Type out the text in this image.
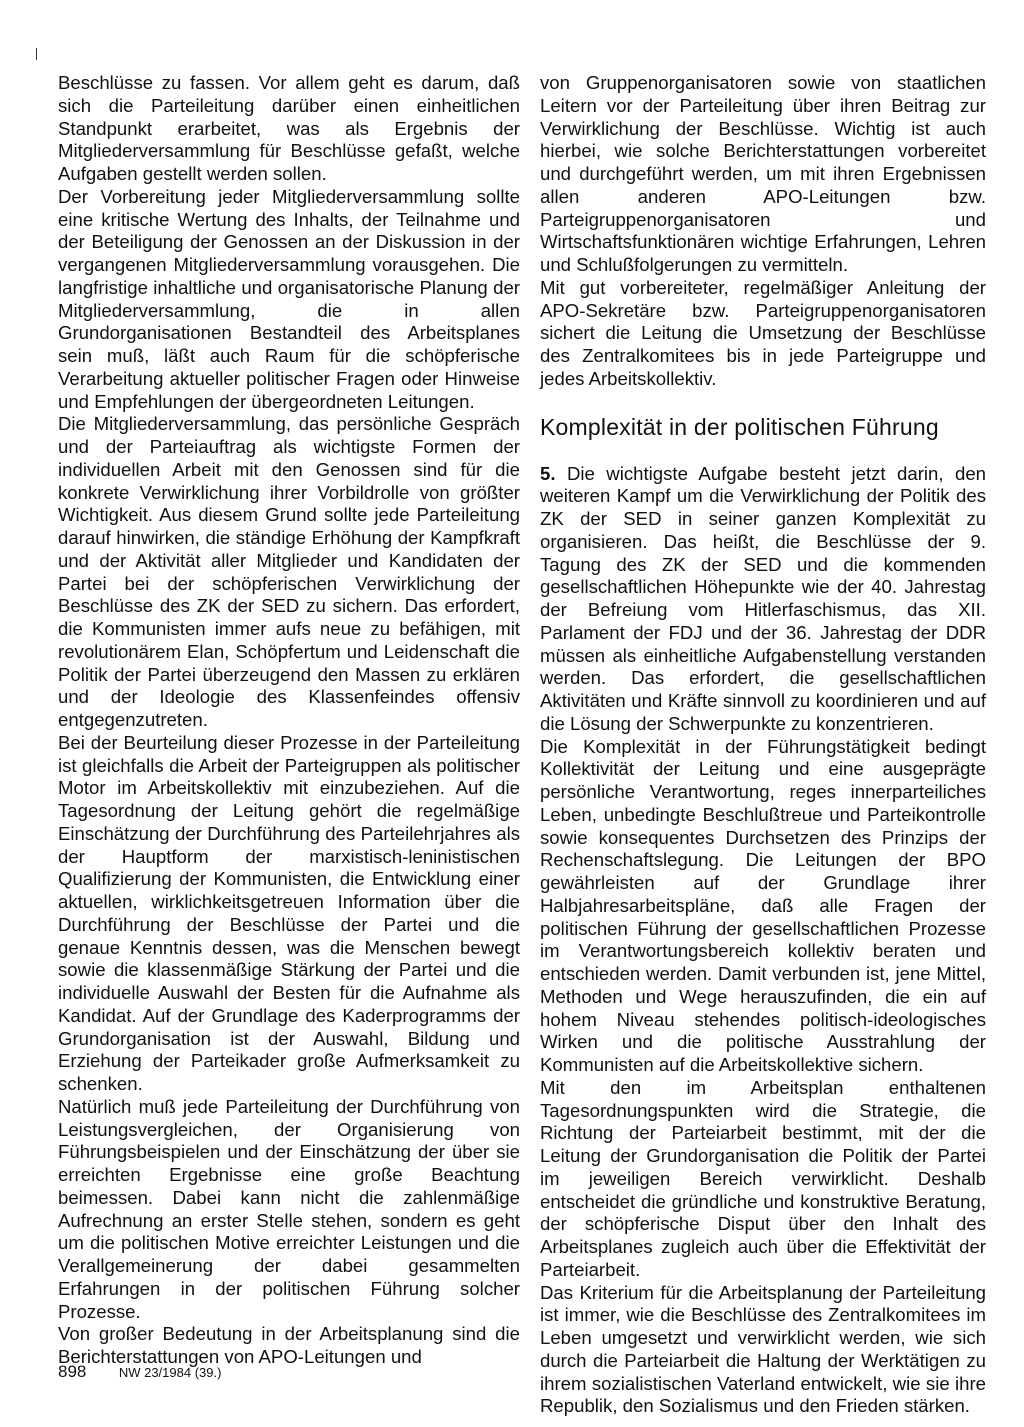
Beschlüsse zu fassen. Vor allem geht es darum, daß sich die Parteileitung darüber einen einheitlichen Standpunkt erarbeitet, was als Ergebnis der Mitgliederversammlung für Beschlüsse gefaßt, welche Aufgaben gestellt werden sollen.

Der Vorbereitung jeder Mitgliederversammlung sollte eine kritische Wertung des Inhalts, der Teilnahme und der Beteiligung der Genossen an der Diskussion in der vergangenen Mitgliederversammlung vorausgehen. Die langfristige inhaltliche und organisatorische Planung der Mitgliederversammlung, die in allen Grundorganisationen Bestandteil des Arbeitsplanes sein muß, läßt auch Raum für die schöpferische Verarbeitung aktueller politischer Fragen oder Hinweise und Empfehlungen der übergeordneten Leitungen.

Die Mitgliederversammlung, das persönliche Gespräch und der Parteiauftrag als wichtigste Formen der individuellen Arbeit mit den Genossen sind für die konkrete Verwirklichung ihrer Vorbildrolle von größter Wichtigkeit. Aus diesem Grund sollte jede Parteileitung darauf hinwirken, die ständige Erhöhung der Kampfkraft und der Aktivität aller Mitglieder und Kandidaten der Partei bei der schöpferischen Verwirklichung der Beschlüsse des ZK der SED zu sichern. Das erfordert, die Kommunisten immer aufs neue zu befähigen, mit revolutionärem Elan, Schöpfertum und Leidenschaft die Politik der Partei überzeugend den Massen zu erklären und der Ideologie des Klassenfeindes offensiv entgegenzutreten.

Bei der Beurteilung dieser Prozesse in der Parteileitung ist gleichfalls die Arbeit der Parteigruppen als politischer Motor im Arbeitskollektiv mit einzubeziehen. Auf die Tagesordnung der Leitung gehört die regelmäßige Einschätzung der Durchführung des Parteilehrjahres als der Hauptform der marxistisch-leninistischen Qualifizierung der Kommunisten, die Entwicklung einer aktuellen, wirklichkeitsgetreuen Information über die Durchführung der Beschlüsse der Partei und die genaue Kenntnis dessen, was die Menschen bewegt sowie die klassenmäßige Stärkung der Partei und die individuelle Auswahl der Besten für die Aufnahme als Kandidat. Auf der Grundlage des Kaderprogramms der Grundorganisation ist der Auswahl, Bildung und Erziehung der Parteikader große Aufmerksamkeit zu schenken.

Natürlich muß jede Parteileitung der Durchführung von Leistungsvergleichen, der Organisierung von Führungsbeispielen und der Einschätzung der über sie erreichten Ergebnisse eine große Beachtung beimessen. Dabei kann nicht die zahlenmäßige Aufrechnung an erster Stelle stehen, sondern es geht um die politischen Motive erreichter Leistungen und die Verallgemeinerung der dabei gesammelten Erfahrungen in der politischen Führung solcher Prozesse.

Von großer Bedeutung in der Arbeitsplanung sind die Berichterstattungen von APO-Leitungen und

von Gruppenorganisatoren sowie von staatlichen Leitern vor der Parteileitung über ihren Beitrag zur Verwirklichung der Beschlüsse. Wichtig ist auch hierbei, wie solche Berichterstattungen vorbereitet und durchgeführt werden, um mit ihren Ergebnissen allen anderen APO-Leitungen bzw. Parteigruppenorganisatoren und Wirtschaftsfunktionären wichtige Erfahrungen, Lehren und Schlußfolgerungen zu vermitteln.

Mit gut vorbereiteter, regelmäßiger Anleitung der APO-Sekretäre bzw. Parteigruppenorganisatoren sichert die Leitung die Umsetzung der Beschlüsse des Zentralkomitees bis in jede Parteigruppe und jedes Arbeitskollektiv.

Komplexität in der politischen Führung

5. Die wichtigste Aufgabe besteht jetzt darin, den weiteren Kampf um die Verwirklichung der Politik des ZK der SED in seiner ganzen Komplexität zu organisieren. Das heißt, die Beschlüsse der 9. Tagung des ZK der SED und die kommenden gesellschaftlichen Höhepunkte wie der 40. Jahrestag der Befreiung vom Hitlerfaschismus, das XII. Parlament der FDJ und der 36. Jahrestag der DDR müssen als einheitliche Aufgabenstellung verstanden werden. Das erfordert, die gesellschaftlichen Aktivitäten und Kräfte sinnvoll zu koordinieren und auf die Lösung der Schwerpunkte zu konzentrieren.

Die Komplexität in der Führungstätigkeit bedingt Kollektivität der Leitung und eine ausgeprägte persönliche Verantwortung, reges innerparteiliches Leben, unbedingte Beschlußtreue und Parteikontrolle sowie konsequentes Durchsetzen des Prinzips der Rechenschaftslegung. Die Leitungen der BPO gewährleisten auf der Grundlage ihrer Halbjahresarbeitspläne, daß alle Fragen der politischen Führung der gesellschaftlichen Prozesse im Verantwortungsbereich kollektiv beraten und entschieden werden. Damit verbunden ist, jene Mittel, Methoden und Wege herauszufinden, die ein auf hohem Niveau stehendes politisch-ideologisches Wirken und die politische Ausstrahlung der Kommunisten auf die Arbeitskollektive sichern.

Mit den im Arbeitsplan enthaltenen Tagesordnungspunkten wird die Strategie, die Richtung der Parteiarbeit bestimmt, mit der die Leitung der Grundorganisation die Politik der Partei im jeweiligen Bereich verwirklicht. Deshalb entscheidet die gründliche und konstruktive Beratung, der schöpferische Disput über den Inhalt des Arbeitsplanes zugleich auch über die Effektivität der Parteiarbeit.

Das Kriterium für die Arbeitsplanung der Parteileitung ist immer, wie die Beschlüsse des Zentralkomitees im Leben umgesetzt und verwirklicht werden, wie sich durch die Parteiarbeit die Haltung der Werktätigen zu ihrem sozialistischen Vaterland entwickelt, wie sie ihre Republik, den Sozialismus und den Frieden stärken.

898 NW 23/1984 (39.)
